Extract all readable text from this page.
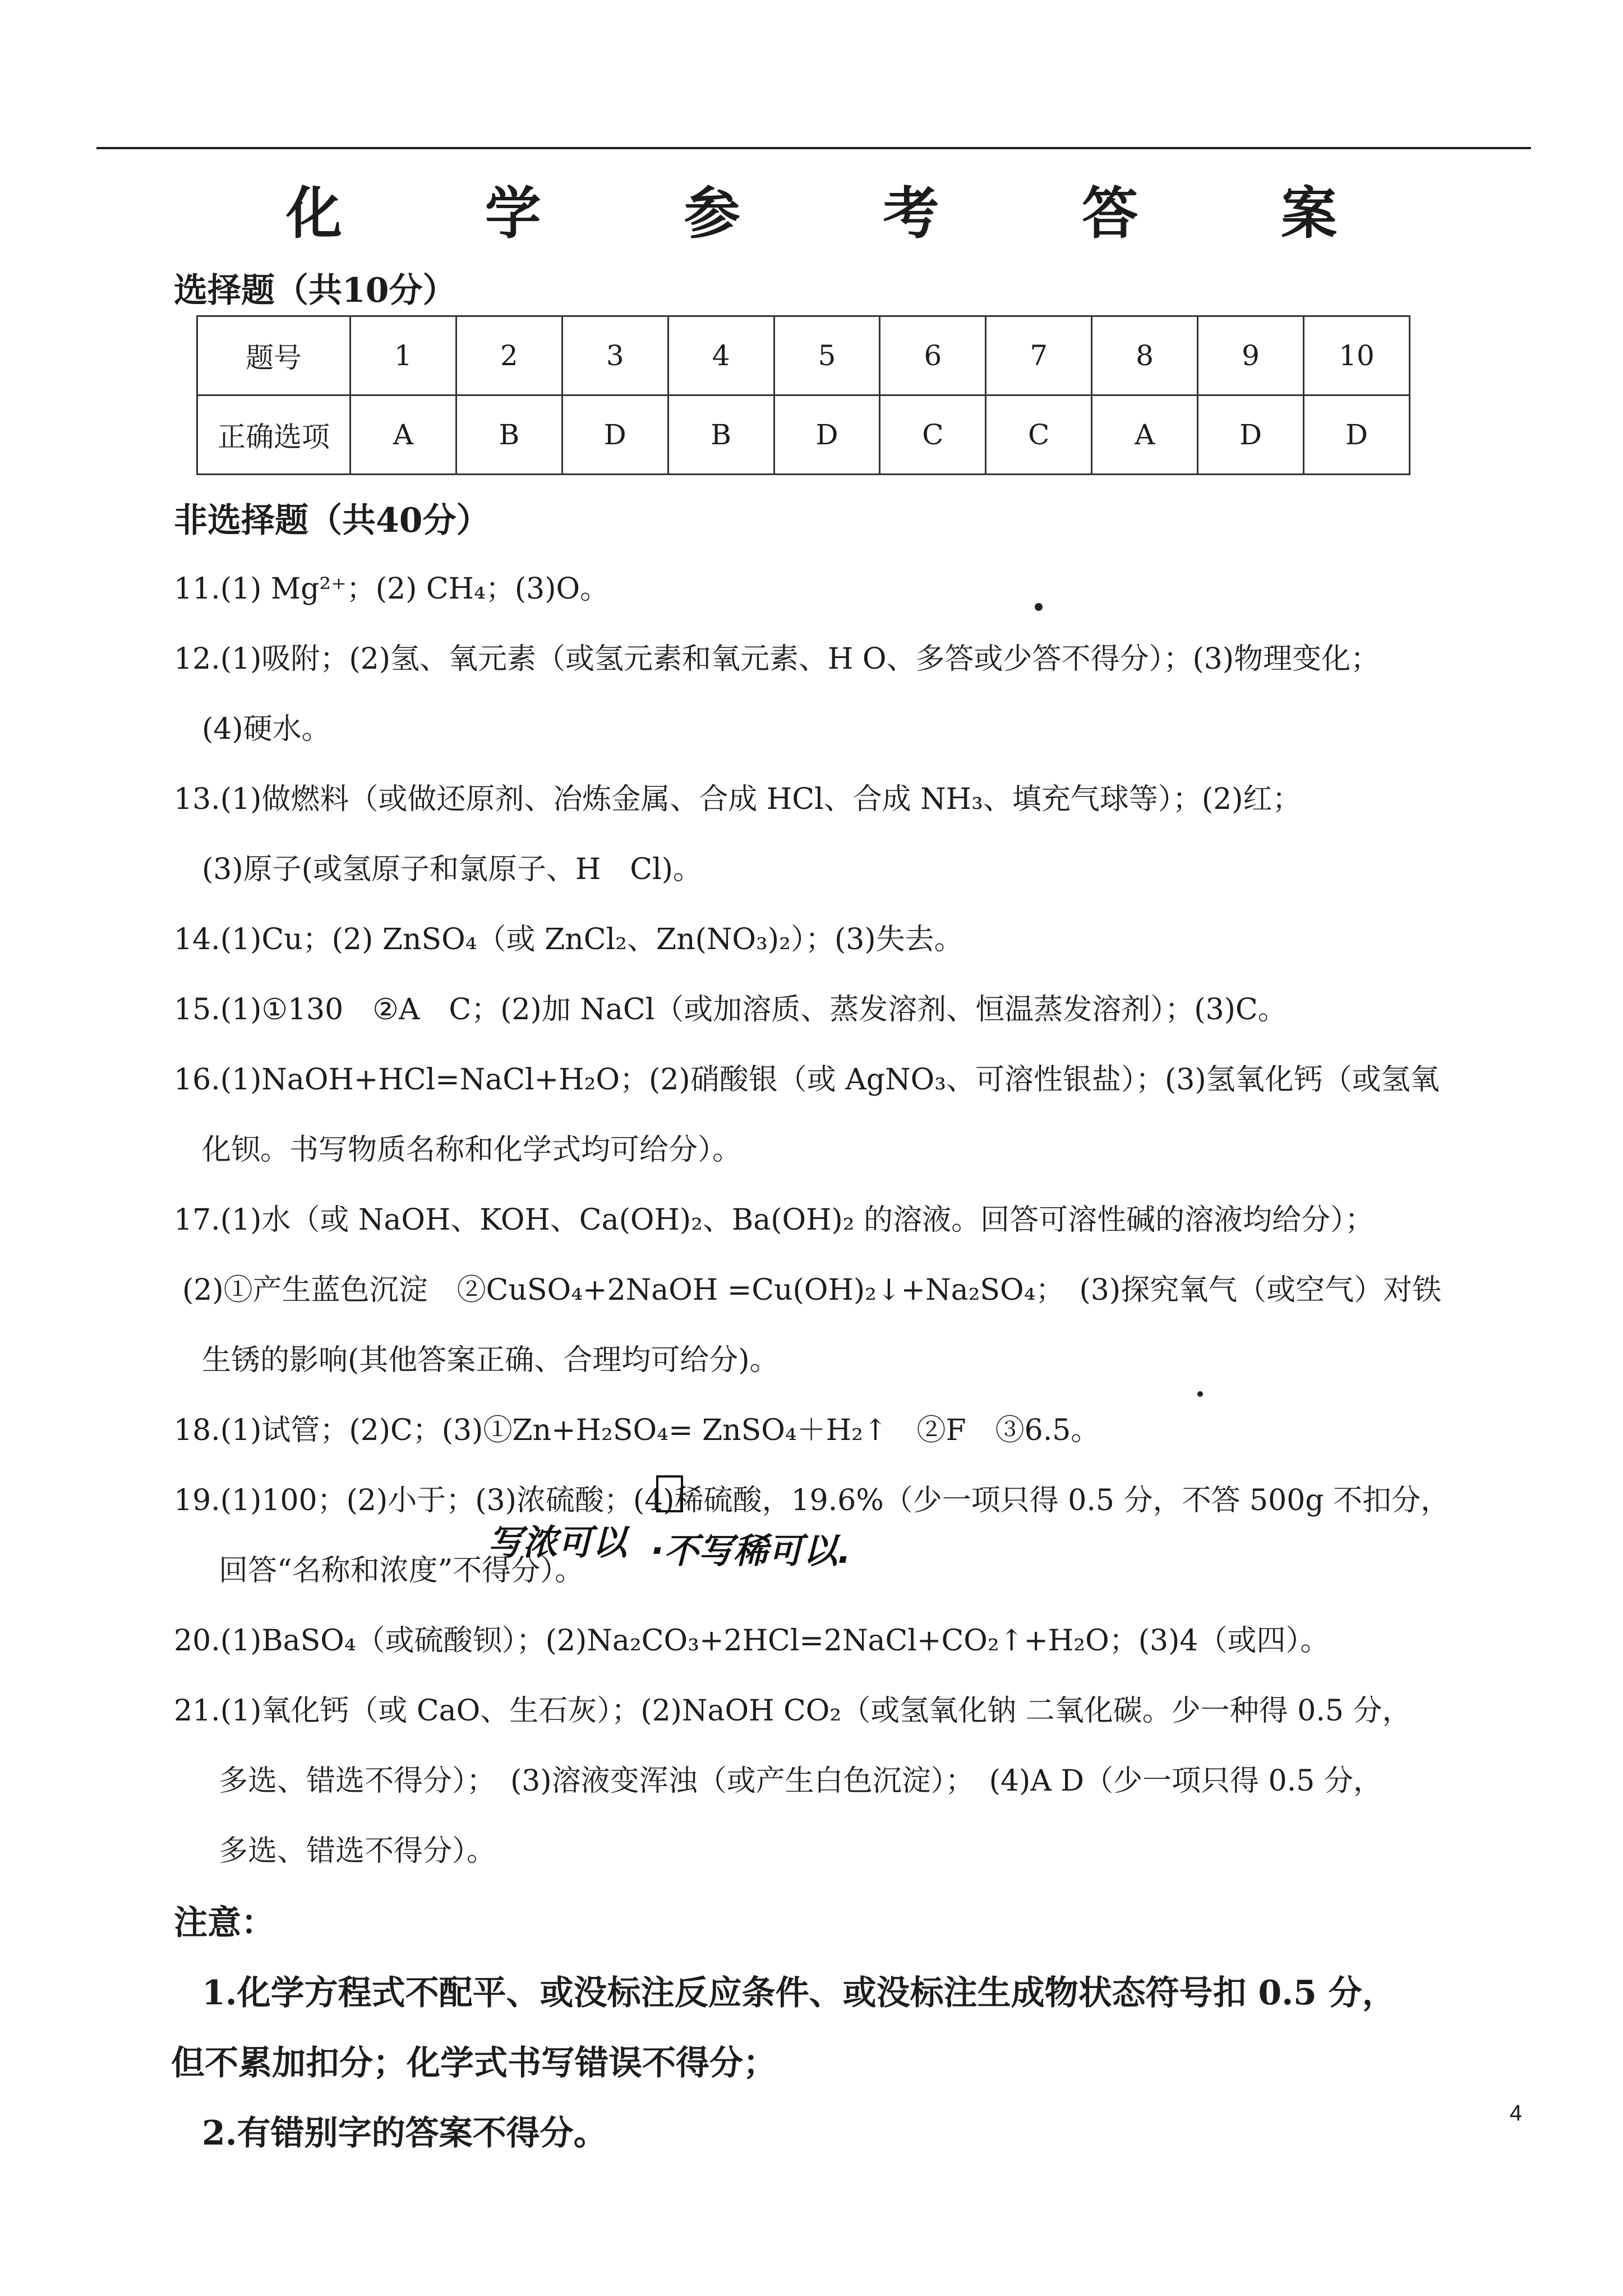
化 学 参 考 答 案
选择题（共10分）
题号	1	2	3	4	5	6	7	8	9	10
正确选项	A	B	D	B	D	C	C	A	D	D
非选择题（共40分）
11.(1) Mg²⁺；(2) CH₄；(3)O。
12.(1)吸附；(2)氢、氧元素（或氢元素和氧元素、H O、多答或少答不得分）；(3)物理变化；
(4)硬水。
13.(1)做燃料（或做还原剂、冶炼金属、合成 HCl、合成 NH₃、填充气球等）；(2)红；
(3)原子(或氢原子和氯原子、H　Cl)。
14.(1)Cu；(2) ZnSO₄（或 ZnCl₂、Zn(NO₃)₂）；(3)失去。
15.(1)①130　②A　C；(2)加 NaCl（或加溶质、蒸发溶剂、恒温蒸发溶剂）；(3)C。
16.(1)NaOH+HCl=NaCl+H₂O；(2)硝酸银（或 AgNO₃、可溶性银盐）；(3)氢氧化钙（或氢氧
化钡。书写物质名称和化学式均可给分）。
17.(1)水（或 NaOH、KOH、Ca(OH)₂、Ba(OH)₂ 的溶液。回答可溶性碱的溶液均给分）；
(2)①产生蓝色沉淀　②CuSO₄+2NaOH =Cu(OH)₂↓+Na₂SO₄；　(3)探究氧气（或空气）对铁
生锈的影响(其他答案正确、合理均可给分)。
18.(1)试管；(2)C；(3)①Zn+H₂SO₄= ZnSO₄＋H₂↑　②F　③6.5。
19.(1)100；(2)小于；(3)浓硫酸；(4)稀硫酸，19.6%（少一项只得 0.5 分，不答 500g 不扣分，
回答“名称和浓度”不得分）。
20.(1)BaSO₄（或硫酸钡）；(2)Na₂CO₃+2HCl=2NaCl+CO₂↑+H₂O；(3)4（或四）。
21.(1)氧化钙（或 CaO、生石灰）；(2)NaOH CO₂（或氢氧化钠 二氧化碳。少一种得 0.5 分，
多选、错选不得分）；　(3)溶液变浑浊（或产生白色沉淀）；　(4)A D（少一项只得 0.5 分，
多选、错选不得分）。
写浓可以 ·不写稀可以.
注意：
1.化学方程式不配平、或没标注反应条件、或没标注生成物状态符号扣 0.5 分，
但不累加扣分；化学式书写错误不得分；
2.有错别字的答案不得分。
4
